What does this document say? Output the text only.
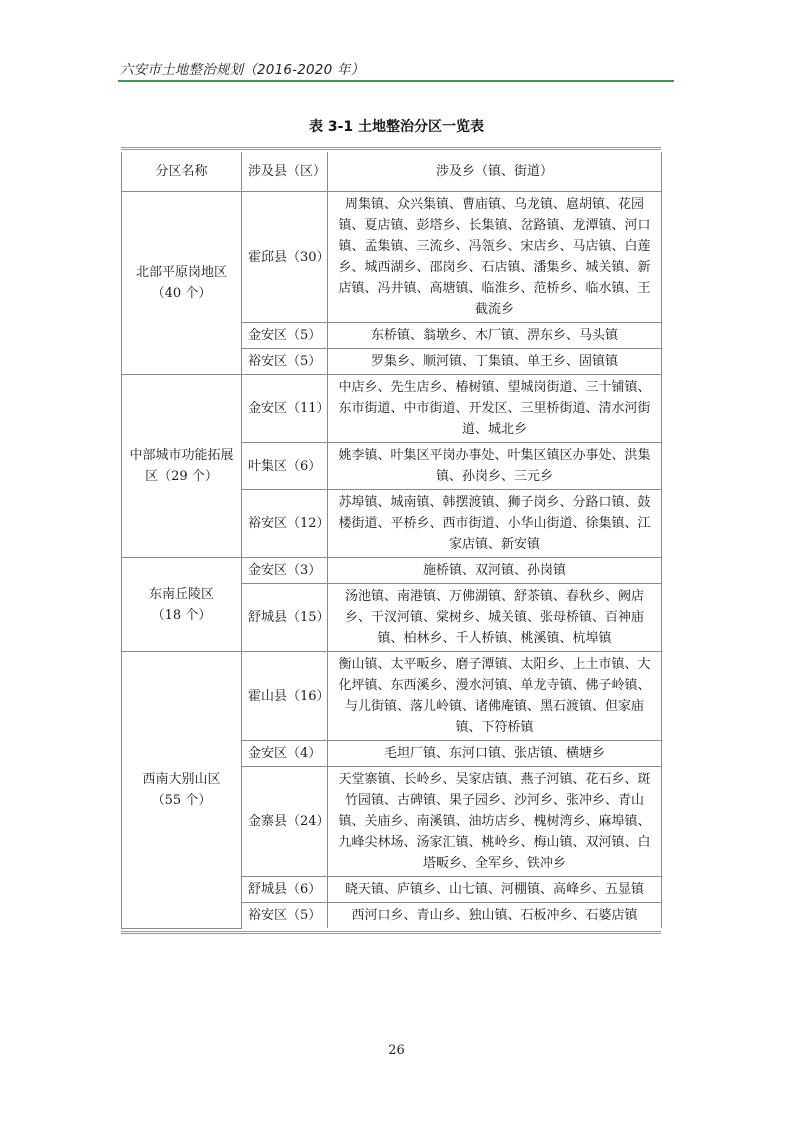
六安市土地整治规划（2016-2020 年）
表 3-1 土地整治分区一览表
分区名称	涉及县（区）	涉及乡（镇、街道）

北部平原岗地区
（40 个）	霍邱县（30）	周集镇、众兴集镇、曹庙镇、乌龙镇、扈胡镇、花园镇、夏店镇、彭塔乡、长集镇、岔路镇、龙潭镇、河口镇、孟集镇、三流乡、冯瓴乡、宋店乡、马店镇、白莲乡、城西湖乡、邵岗乡、石店镇、潘集乡、城关镇、新店镇、冯井镇、高塘镇、临淮乡、范桥乡、临水镇、王截流乡
	金安区（5）	东桥镇、翁墩乡、木厂镇、淠东乡、马头镇
	裕安区（5）	罗集乡、顺河镇、丁集镇、单王乡、固镇镇
中部城市功能拓展区（29 个）	金安区（11）	中店乡、先生店乡、椿树镇、望城岗街道、三十铺镇、东市街道、中市街道、开发区、三里桥街道、清水河街道、城北乡
	叶集区（6）	姚李镇、叶集区平岗办事处、叶集区镇区办事处、洪集镇、孙岗乡、三元乡
	裕安区（12）	苏埠镇、城南镇、韩摆渡镇、狮子岗乡、分路口镇、鼓楼街道、平桥乡、西市街道、小华山街道、徐集镇、江家店镇、新安镇

东南丘陵区
（18 个）	金安区（3）	施桥镇、双河镇、孙岗镇
	舒城县（15）	汤池镇、南港镇、万佛湖镇、舒茶镇、春秋乡、阙店乡、干汊河镇、棠树乡、城关镇、张母桥镇、百神庙镇、柏林乡、千人桥镇、桃溪镇、杭埠镇

西南大别山区
（55 个）	霍山县（16）	衡山镇、太平畈乡、磨子潭镇、太阳乡、上土市镇、大化坪镇、东西溪乡、漫水河镇、单龙寺镇、佛子岭镇、与儿街镇、落儿岭镇、诸佛庵镇、黑石渡镇、但家庙镇、下符桥镇
	金安区（4）	毛坦厂镇、东河口镇、张店镇、横塘乡
	金寨县（24）	天堂寨镇、长岭乡、吴家店镇、燕子河镇、花石乡、斑竹园镇、古碑镇、果子园乡、沙河乡、张冲乡、青山镇、关庙乡、南溪镇、油坊店乡、槐树湾乡、麻埠镇、九峰尖林场、汤家汇镇、桃岭乡、梅山镇、双河镇、白塔畈乡、全军乡、铁冲乡
	舒城县（6）	晓天镇、庐镇乡、山七镇、河棚镇、高峰乡、五显镇
	裕安区（5）	西河口乡、青山乡、独山镇、石板冲乡、石婆店镇
26
